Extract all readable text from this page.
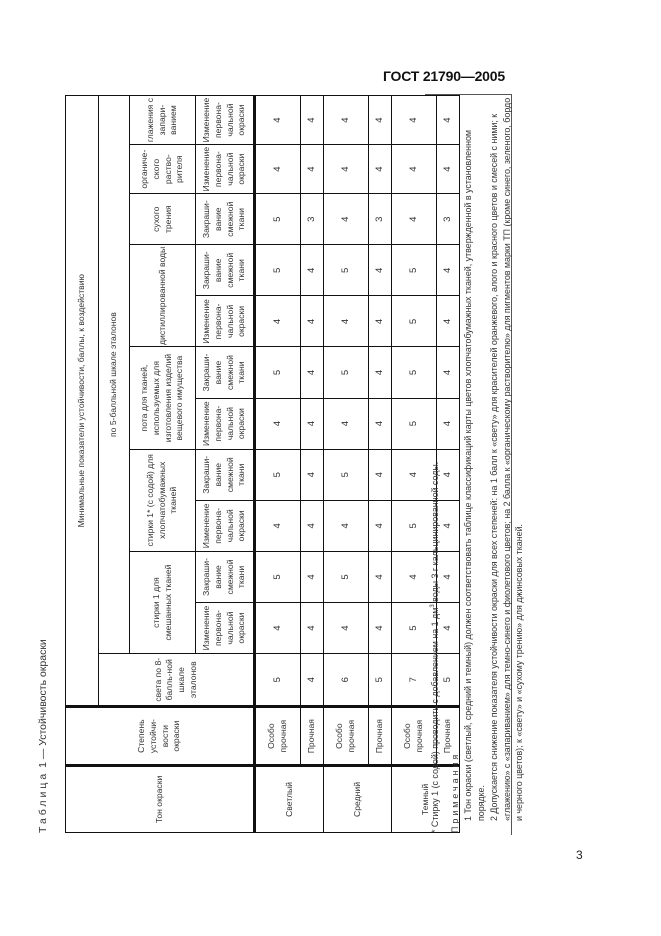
ГОСТ 21790—2005
Таблица 1 — Устойчивость окраски
Тон окраски	Степень устойчи-вости окраски	Минимальные показатели устойчивости, баллы, к воздействию											
		света по 8-балль-ной шкале эталонов	по 5-балльной шкале эталонов										
			стирки 1 для смешанных тканей		стирки 1* (с содой) для хлопчатобумажных тканей		пота для тканей, используемых для изготовления изделий вещевого имущества		дистиллированной воды		сухого трения	органиче-ского раство-рителя	глажения с запари-ванием
			Изменение первона-чальной окраски	Закраши-вание смежной ткани	Изменение первона-чальной окраски	Закраши-вание смежной ткани	Изменение первона-чальной окраски	Закраши-вание смежной ткани	Изменение первона-чальной окраски	Закраши-вание смежной ткани	Закраши-вание смежной ткани	Изменение первона-чальной окраски	Изменение первона-чальной окраски
Светлый	Особо прочная	5	4	5	4	5	4	5	4	5	5	4	4
	Прочная	4	4	4	4	4	4	4	4	4	3	4	4
Средний	Особо прочная	6	4	5	4	5	4	5	4	5	4	4	4
	Прочная	5	4	4	4	4	4	4	4	4	3	4	4
Темный	Особо прочная	7	5	4	5	4	5	5	5	5	4	4	4
	Прочная	5	4	4	4	4	4	4	4	4	3	4	4

* Стирку 1 (с содой) проводить с добавлением на 1 $дм^3$ воды 3 г кальцинированной соды.

Примечания 1 Тон окраски (светлый, средний и темный) должен соответствовать таблице классификаций карты цветов хлопчатобумажных тканей, утвержденной в установленном порядке. 2 Допускается снижение показателя устойчивости окраски для всех степеней: на 1 балл к «свету» для красителей оранжевого, алого и красного цветов и смесей с ними; к «глажению» с «запариванием» для темно-синего и фиолетового цветов; на 2 балла к «органическому растворителю» для пигментов марки ТП (кроме синего, зеленого, бордо и черного цветов); к «свету» и «сухому трению» для джинсовых тканей.

3
